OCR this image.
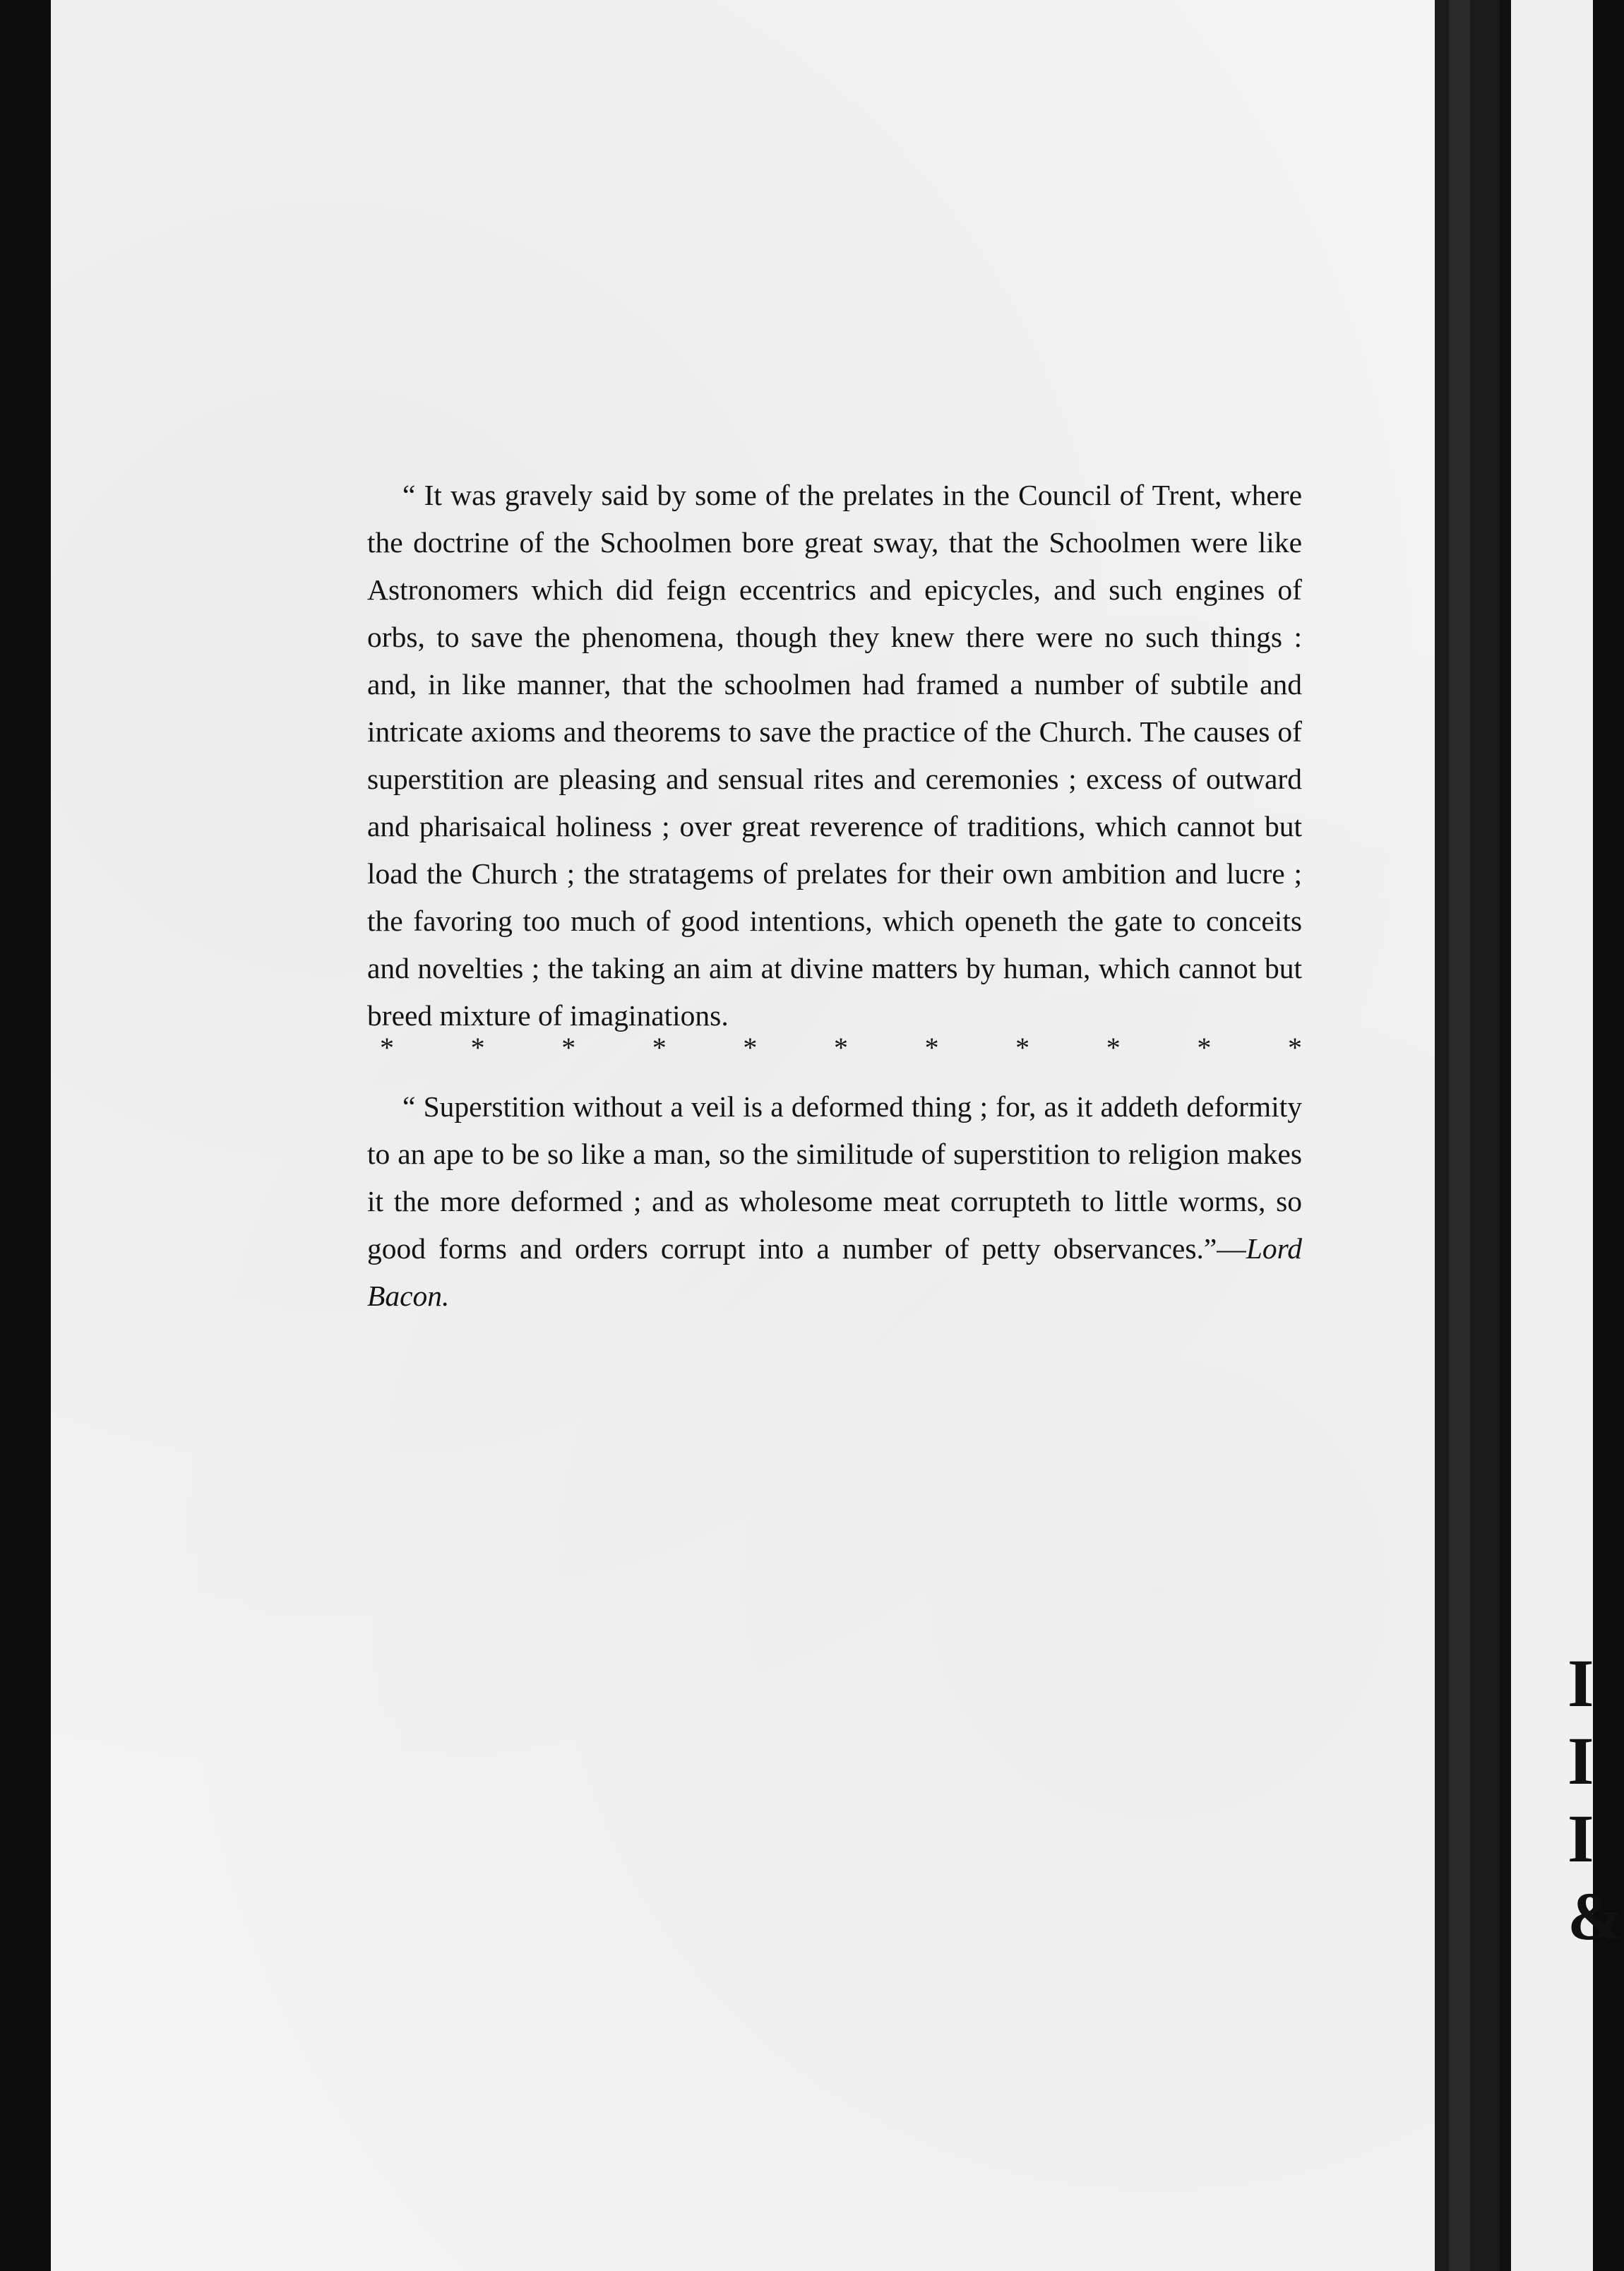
“ It was gravely said by some of the prelates in the Council of Trent, where the doctrine of the Schoolmen bore great sway, that the Schoolmen were like Astronomers which did feign eccentrics and epicycles, and such engines of orbs, to save the phenomena, though they knew there were no such things : and, in like manner, that the schoolmen had framed a number of subtile and intricate axioms and theorems to save the practice of the Church. The causes of superstition are pleasing and sensual rites and ceremonies ; excess of outward and pharisaical holiness ; over great reverence of traditions, which cannot but load the Church ; the stratagems of prelates for their own ambition and lucre ; the favoring too much of good intentions, which openeth the gate to conceits and novelties ; the taking an aim at divine matters by human, which cannot but breed mixture of imaginations.

*	*	*	*	*	*	*	*	*	*	*

“ Superstition without a veil is a deformed thing ; for, as it addeth deformity to an ape to be so like a man, so the similitude of superstition to religion makes it the more deformed ; and as wholesome meat corrupteth to little worms, so good forms and orders corrupt into a number of petty observances.”—Lord Bacon.

I
I
I
&
